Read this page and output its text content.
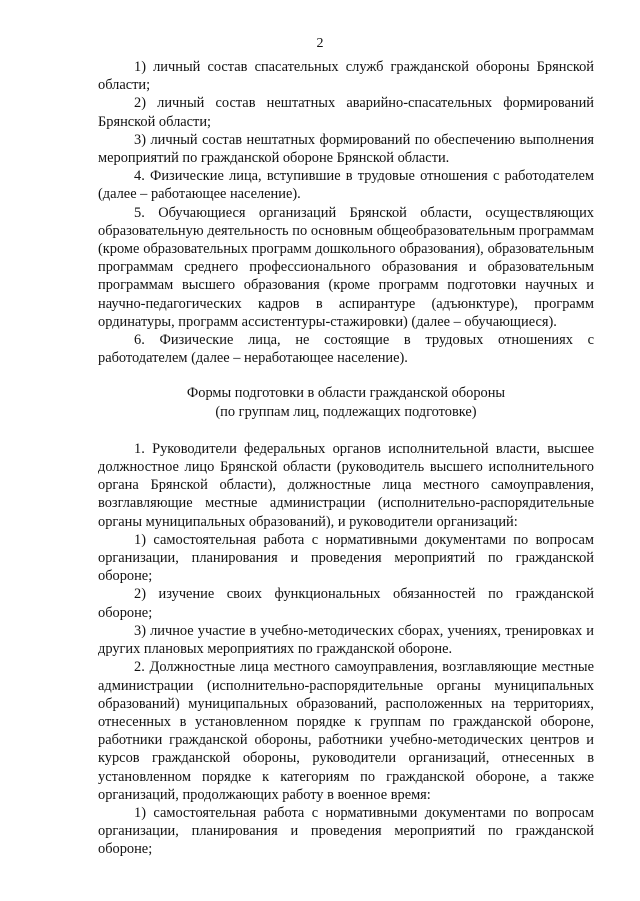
2

1) личный состав спасательных служб гражданской обороны Брянской области;

2) личный состав нештатных аварийно-спасательных формирований Брянской области;

3) личный состав нештатных формирований по обеспечению выполнения мероприятий по гражданской обороне Брянской области.

4. Физические лица, вступившие в трудовые отношения с работодателем (далее – работающее население).

5. Обучающиеся организаций Брянской области, осуществляющих образовательную деятельность по основным общеобразовательным программам (кроме образовательных программ дошкольного образования), образовательным программам среднего профессионального образования и образовательным программам высшего образования (кроме программ подготовки научных и научно-педагогических кадров в аспирантуре (адъюнктуре), программ ординатуры, программ ассистентуры-стажировки) (далее – обучающиеся).

6. Физические лица, не состоящие в трудовых отношениях с работодателем (далее – неработающее население).

Формы подготовки в области гражданской обороны
(по группам лиц, подлежащих подготовке)

1. Руководители федеральных органов исполнительной власти, высшее должностное лицо Брянской области (руководитель высшего исполнительного органа Брянской области), должностные лица местного самоуправления, возглавляющие местные администрации (исполнительно-распорядительные органы муниципальных образований), и руководители организаций:

1) самостоятельная работа с нормативными документами по вопросам организации, планирования и проведения мероприятий по гражданской обороне;

2) изучение своих функциональных обязанностей по гражданской обороне;

3) личное участие в учебно-методических сборах, учениях, тренировках и других плановых мероприятиях по гражданской обороне.

2. Должностные лица местного самоуправления, возглавляющие местные администрации (исполнительно-распорядительные органы муниципальных образований) муниципальных образований, расположенных на территориях, отнесенных в установленном порядке к группам по гражданской обороне, работники гражданской обороны, работники учебно-методических центров и курсов гражданской обороны, руководители организаций, отнесенных в установленном порядке к категориям по гражданской обороне, а также организаций, продолжающих работу в военное время:

1) самостоятельная работа с нормативными документами по вопросам организации, планирования и проведения мероприятий по гражданской обороне;
